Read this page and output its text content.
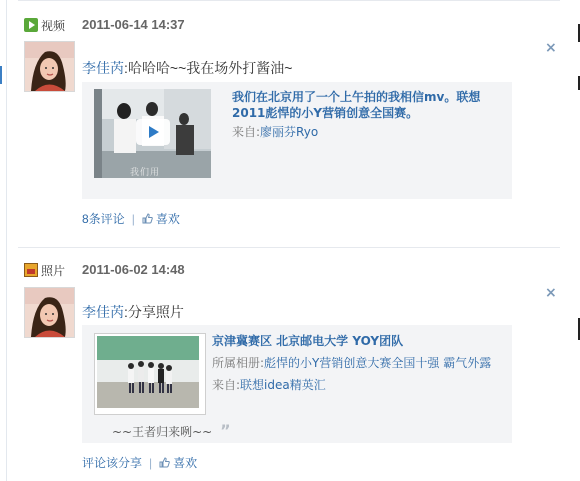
视频 2011-06-14 14:37
×
李佳芮:哈哈哈~~我在场外打酱油~
我们用
我们在北京用了一个上午拍的我相信mv。联想2011彪悍的小Y营销创意全国赛。
来自:廖丽芬Ryo
8条评论 |	喜欢
照片 2011-06-02 14:48
×
李佳芮:分享照片
京津冀赛区 北京邮电大学 YOY团队
所属相册:彪悍的小Y营销创意大赛全国十强 霸气外露
来自:联想idea精英汇
~~王者归来咧~~ ”
评论该分享 |	喜欢
